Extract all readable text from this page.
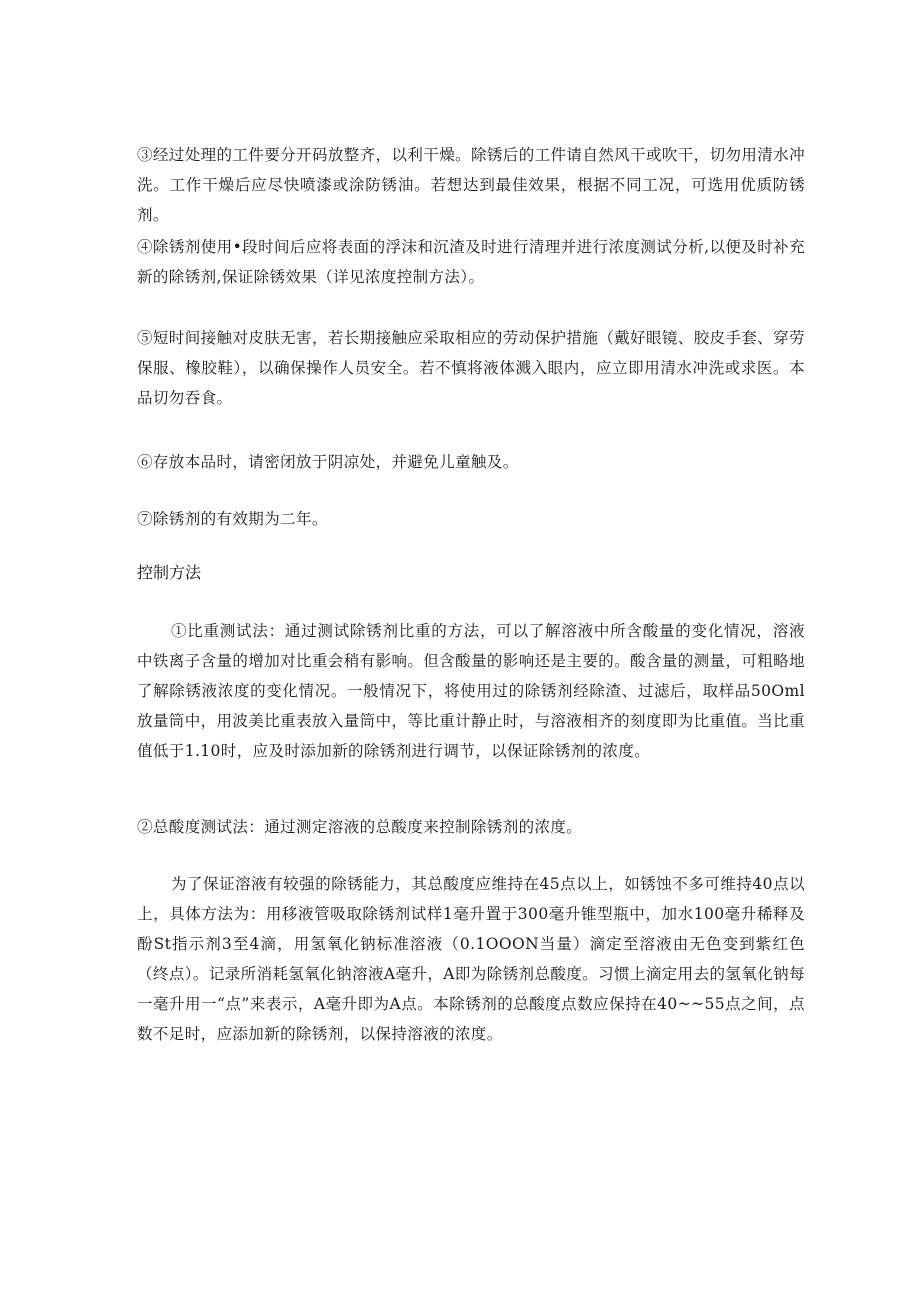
③经过处理的工件要分开码放整齐，以利干燥。除锈后的工件请自然风干或吹干，切勿用清水冲洗。工作干燥后应尽快喷漆或涂防锈油。若想达到最佳效果，根据不同工况，可选用优质防锈剂。

④除锈剂使用•段时间后应将表面的浮沫和沉渣及时进行清理并进行浓度测试分析,以便及时补充新的除锈剂,保证除锈效果（详见浓度控制方法）。

⑤短时间接触对皮肤无害，若长期接触应采取相应的劳动保护措施（戴好眼镜、胶皮手套、穿劳保服、橡胶鞋），以确保操作人员安全。若不慎将液体溅入眼内，应立即用清水冲洗或求医。本品切勿吞食。

⑥存放本品时，请密闭放于阴凉处，并避免儿童触及。

⑦除锈剂的有效期为二年。

控制方法

①比重测试法：通过测试除锈剂比重的方法，可以了解溶液中所含酸量的变化情况，溶液中铁离子含量的增加对比重会稍有影响。但含酸量的影响还是主要的。酸含量的测量，可粗略地了解除锈液浓度的变化情况。一般情况下，将使用过的除锈剂经除渣、过滤后，取样品50Oml放量筒中，用波美比重表放入量筒中，等比重计静止时，与溶液相齐的刻度即为比重值。当比重值低于1.10时，应及时添加新的除锈剂进行调节，以保证除锈剂的浓度。

②总酸度测试法：通过测定溶液的总酸度来控制除锈剂的浓度。

为了保证溶液有较强的除锈能力，其总酸度应维持在45点以上，如锈蚀不多可维持40点以上，具体方法为：用移液管吸取除锈剂试样1毫升置于300毫升锥型瓶中，加水100毫升稀释及酚St指示剂3至4滴，用氢氧化钠标准溶液（0.1OOON当量）滴定至溶液由无色变到紫红色（终点）。记录所消耗氢氧化钠溶液A毫升，A即为除锈剂总酸度。习惯上滴定用去的氢氧化钠每一毫升用一“点”来表示，A毫升即为A点。本除锈剂的总酸度点数应保持在40~~55点之间，点数不足时，应添加新的除锈剂，以保持溶液的浓度。
